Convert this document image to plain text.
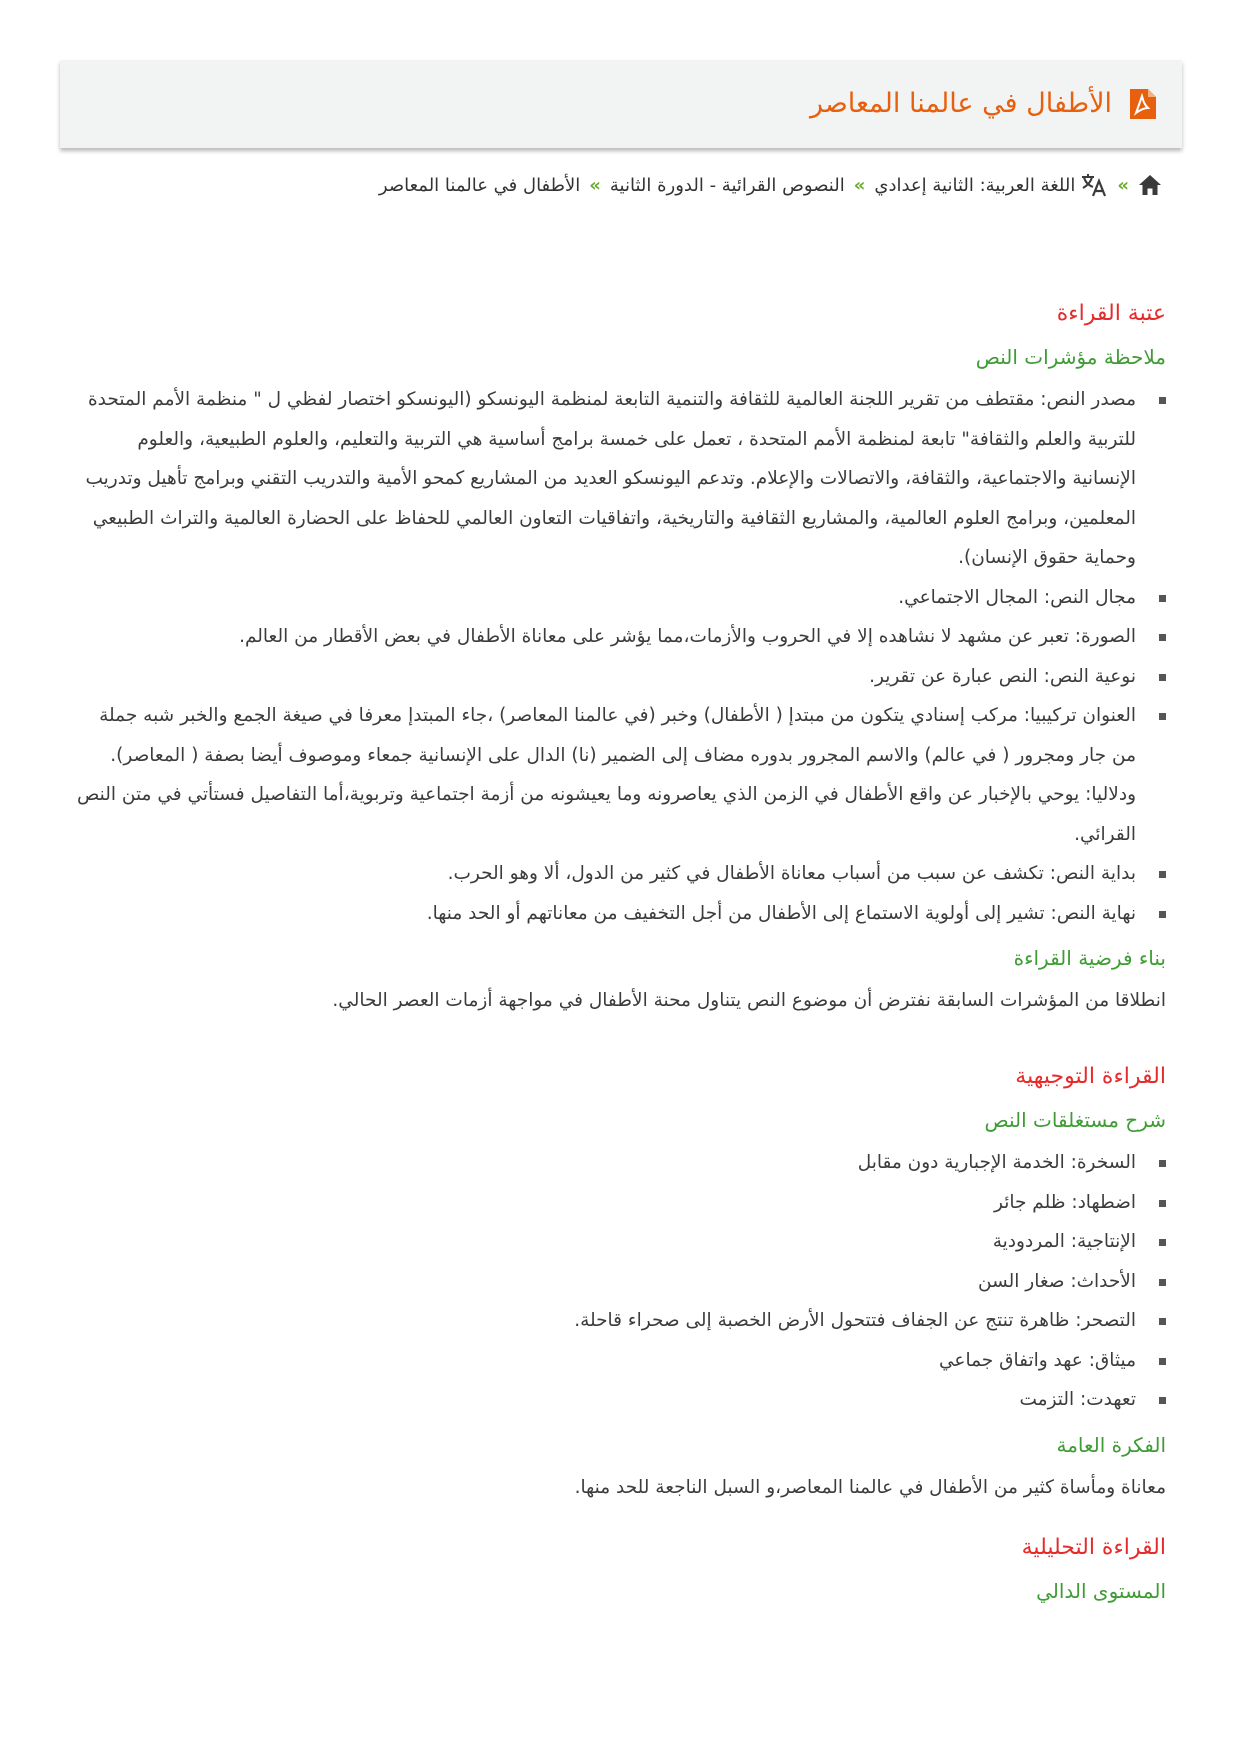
الأطفال في عالمنا المعاصر
»
اللغة العربية: الثانية إعدادي
»
النصوص القرائية - الدورة الثانية
»
الأطفال في عالمنا المعاصر
عتبة القراءة
ملاحظة مؤشرات النص
مصدر النص: مقتطف من تقرير اللجنة العالمية للثقافة والتنمية التابعة لمنظمة اليونسكو (اليونسكو اختصار لفظي ل " منظمة الأمم المتحدة للتربية والعلم والثقافة" تابعة لمنظمة الأمم المتحدة ، تعمل على خمسة برامج أساسية هي التربية والتعليم، والعلوم الطبيعية، والعلوم الإنسانية والاجتماعية، والثقافة، والاتصالات والإعلام. وتدعم اليونسكو العديد من المشاريع كمحو الأمية والتدريب التقني وبرامج تأهيل وتدريب المعلمين، وبرامج العلوم العالمية، والمشاريع الثقافية والتاريخية، واتفاقيات التعاون العالمي للحفاظ على الحضارة العالمية والتراث الطبيعي وحماية حقوق الإنسان).
مجال النص: المجال الاجتماعي.
الصورة: تعبر عن مشهد لا نشاهده إلا في الحروب والأزمات،مما يؤشر على معاناة الأطفال في بعض الأقطار من العالم.
نوعية النص: النص عبارة عن تقرير.
العنوان تركيبيا: مركب إسنادي يتكون من مبتدإ ( الأطفال) وخبر (في عالمنا المعاصر) ،جاء المبتدإ معرفا في صيغة الجمع والخبر شبه جملة من جار ومجرور ( في عالم) والاسم المجرور بدوره مضاف إلى الضمير (نا) الدال على الإنسانية جمعاء وموصوف أيضا بصفة ( المعاصر). ودلاليا: يوحي بالإخبار عن واقع الأطفال في الزمن الذي يعاصرونه وما يعيشونه من أزمة اجتماعية وتربوية،أما التفاصيل فستأتي في متن النص القرائي.
بداية النص: تكشف عن سبب من أسباب معاناة الأطفال في كثير من الدول، ألا وهو الحرب.
نهاية النص: تشير إلى أولوية الاستماع إلى الأطفال من أجل التخفيف من معاناتهم أو الحد منها.
بناء فرضية القراءة

انطلاقا من المؤشرات السابقة نفترض أن موضوع النص يتناول محنة الأطفال في مواجهة أزمات العصر الحالي.

القراءة التوجيهية
شرح مستغلقات النص
السخرة: الخدمة الإجبارية دون مقابل
اضطهاد: ظلم جائر
الإنتاجية: المردودية
الأحداث: صغار السن
التصحر: ظاهرة تنتج عن الجفاف فتتحول الأرض الخصبة إلى صحراء قاحلة.
ميثاق: عهد واتفاق جماعي
تعهدت: التزمت
الفكرة العامة

معاناة ومأساة كثير من الأطفال في عالمنا المعاصر،و السبل الناجعة للحد منها.

القراءة التحليلية
المستوى الدالي
